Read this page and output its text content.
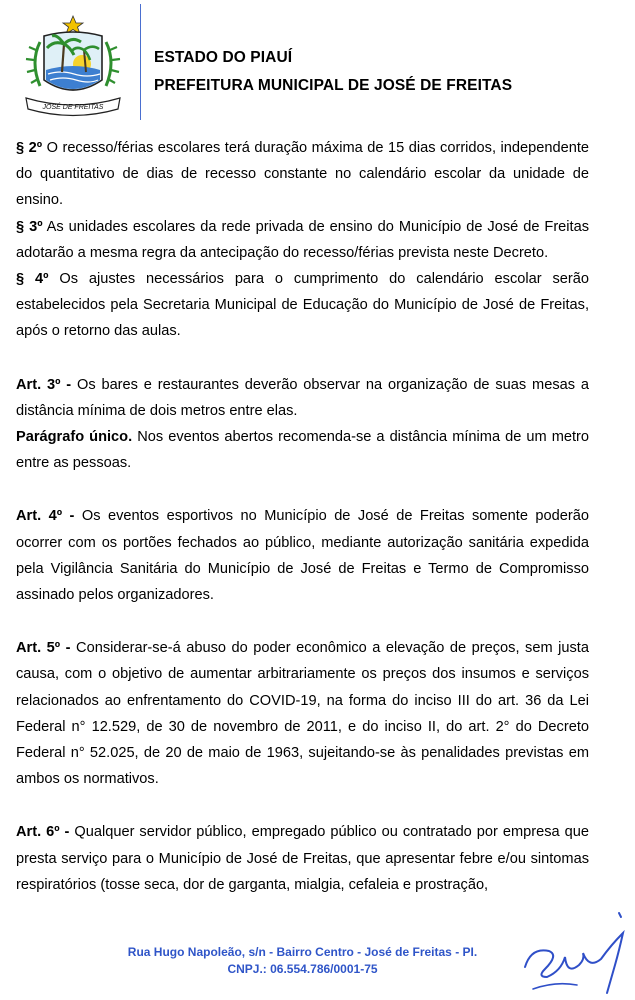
JOSÉ DE FREITAS
ESTADO DO PIAUÍ
PREFEITURA MUNICIPAL DE JOSÉ DE FREITAS

§ 2º O recesso/férias escolares terá duração máxima de 15 dias corridos, independente do quantitativo de dias de recesso constante no calendário escolar da unidade de ensino.

§ 3º As unidades escolares da rede privada de ensino do Município de José de Freitas adotarão a mesma regra da antecipação do recesso/férias prevista neste Decreto.

§ 4º Os ajustes necessários para o cumprimento do calendário escolar serão estabelecidos pela Secretaria Municipal de Educação do Município de José de Freitas, após o retorno das aulas.

Art. 3º - Os bares e restaurantes deverão observar na organização de suas mesas a distância mínima de dois metros entre elas.

Parágrafo único. Nos eventos abertos recomenda-se a distância mínima de um metro entre as pessoas.

Art. 4º - Os eventos esportivos no Município de José de Freitas somente poderão ocorrer com os portões fechados ao público, mediante autorização sanitária expedida pela Vigilância Sanitária do Município de José de Freitas e Termo de Compromisso assinado pelos organizadores.

Art. 5º - Considerar-se-á abuso do poder econômico a elevação de preços, sem justa causa, com o objetivo de aumentar arbitrariamente os preços dos insumos e serviços relacionados ao enfrentamento do COVID-19, na forma do inciso III do art. 36 da Lei Federal n° 12.529, de 30 de novembro de 2011, e do inciso II, do art. 2° do Decreto Federal n° 52.025, de 20 de maio de 1963, sujeitando-se às penalidades previstas em ambos os normativos.

Art. 6º - Qualquer servidor público, empregado público ou contratado por empresa que presta serviço para o Município de José de Freitas, que apresentar febre e/ou sintomas respiratórios (tosse seca, dor de garganta, mialgia, cefaleia e prostração,

Rua Hugo Napoleão, s/n - Bairro Centro - José de Freitas - PI.
CNPJ.: 06.554.786/0001-75
